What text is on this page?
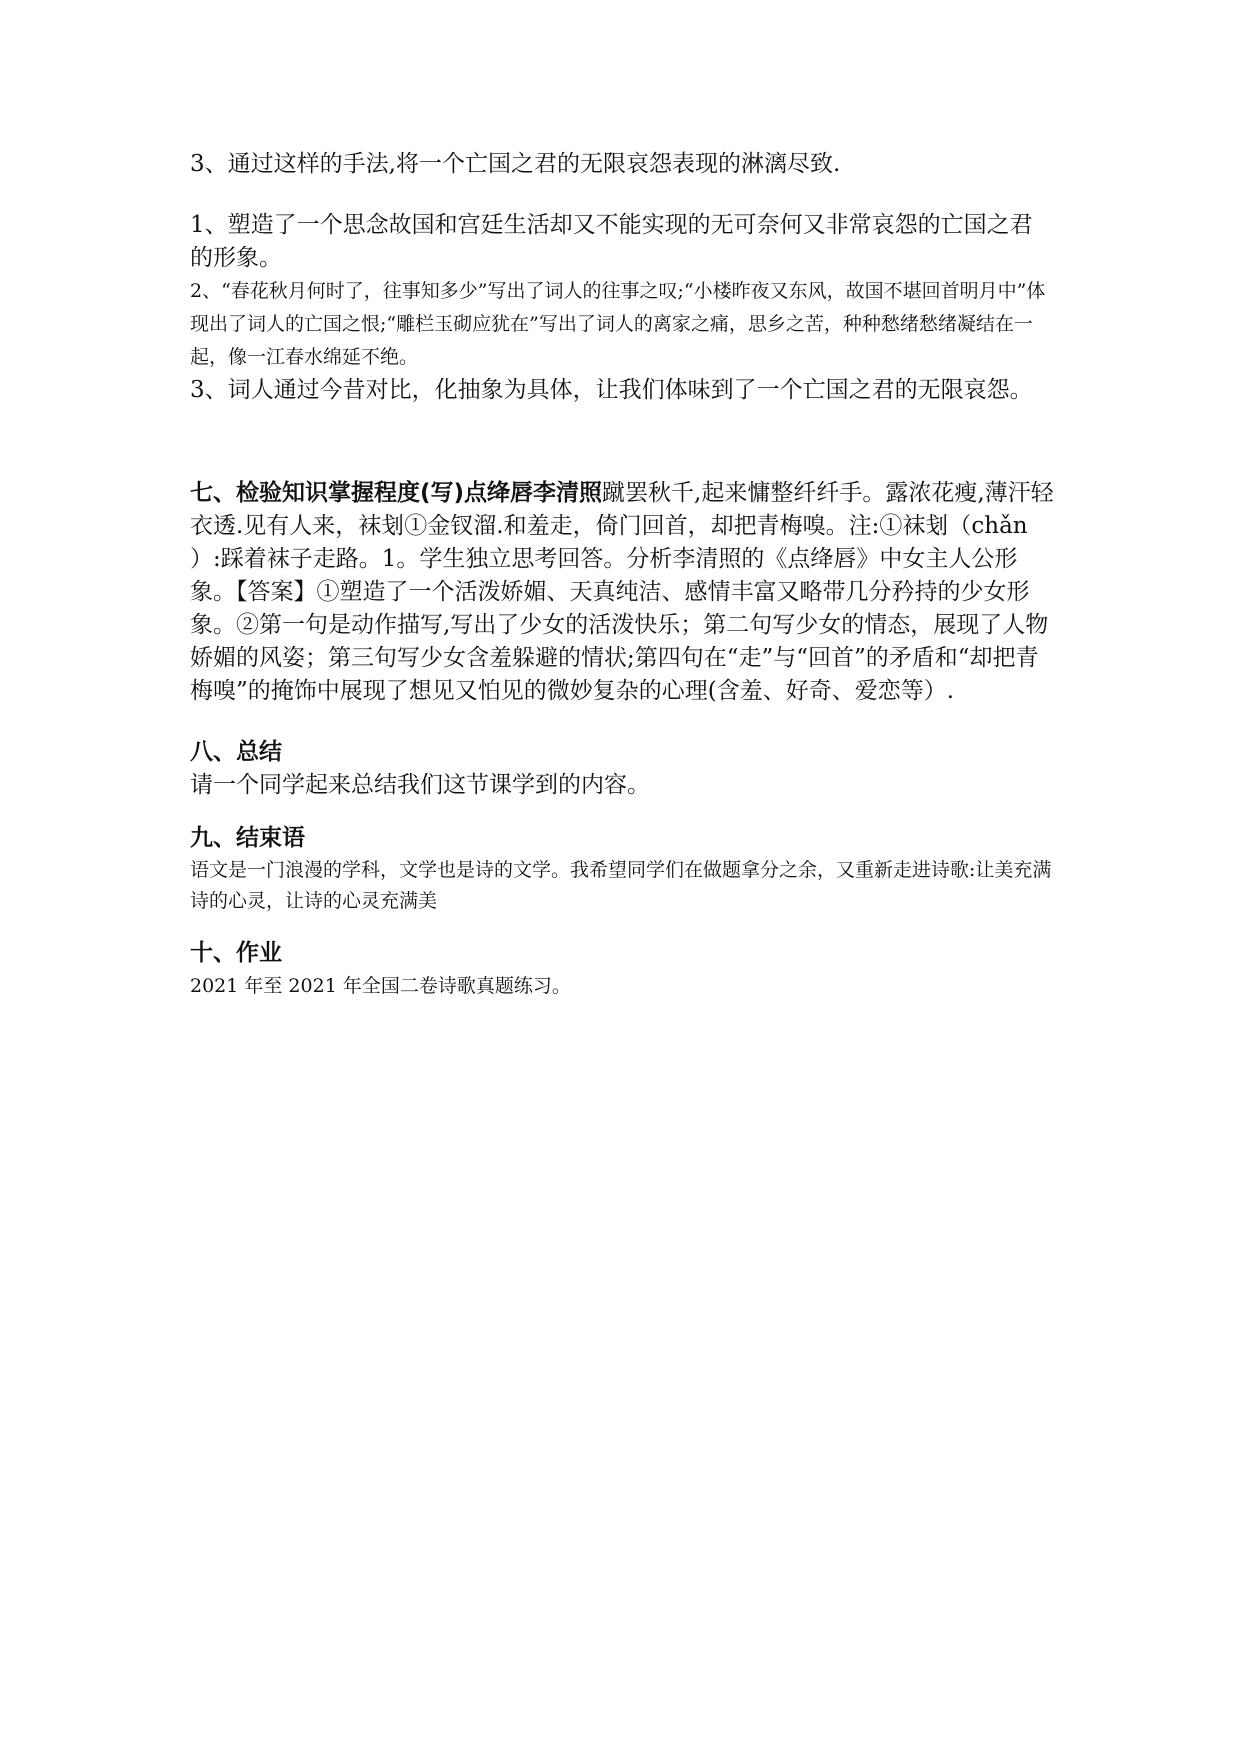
3、通过这样的手法,将一个亡国之君的无限哀怨表现的淋漓尽致.

1、塑造了一个思念故国和宫廷生活却又不能实现的无可奈何又非常哀怨的亡国之君的形象。

2、“春花秋月何时了，往事知多少”写出了词人的往事之叹;“小楼昨夜又东风，故国不堪回首明月中”体现出了词人的亡国之恨;“雕栏玉砌应犹在”写出了词人的离家之痛，思乡之苦，种种愁绪愁绪凝结在一起，像一江春水绵延不绝。

3、词人通过今昔对比，化抽象为具体，让我们体味到了一个亡国之君的无限哀怨。

七、检验知识掌握程度(写)点绛唇李清照蹴罢秋千,起来慵整纤纤手。露浓花瘦,薄汗轻衣透.见有人来，袜刬①金钗溜.和羞走，倚门回首，却把青梅嗅。注:①袜刬（chǎn ）:踩着袜子走路。1。学生独立思考回答。分析李清照的《点绛唇》中女主人公形象。【答案】①塑造了一个活泼娇媚、天真纯洁、感情丰富又略带几分矜持的少女形象。②第一句是动作描写,写出了少女的活泼快乐；第二句写少女的情态，展现了人物娇媚的风姿；第三句写少女含羞躲避的情状;第四句在“走”与“回首”的矛盾和“却把青梅嗅”的掩饰中展现了想见又怕见的微妙复杂的心理(含羞、好奇、爱恋等）.

八、总结

请一个同学起来总结我们这节课学到的内容。

九、结束语

语文是一门浪漫的学科，文学也是诗的文学。我希望同学们在做题拿分之余，又重新走进诗歌:让美充满诗的心灵，让诗的心灵充满美

十、作业

2021 年至 2021 年全国二卷诗歌真题练习。
